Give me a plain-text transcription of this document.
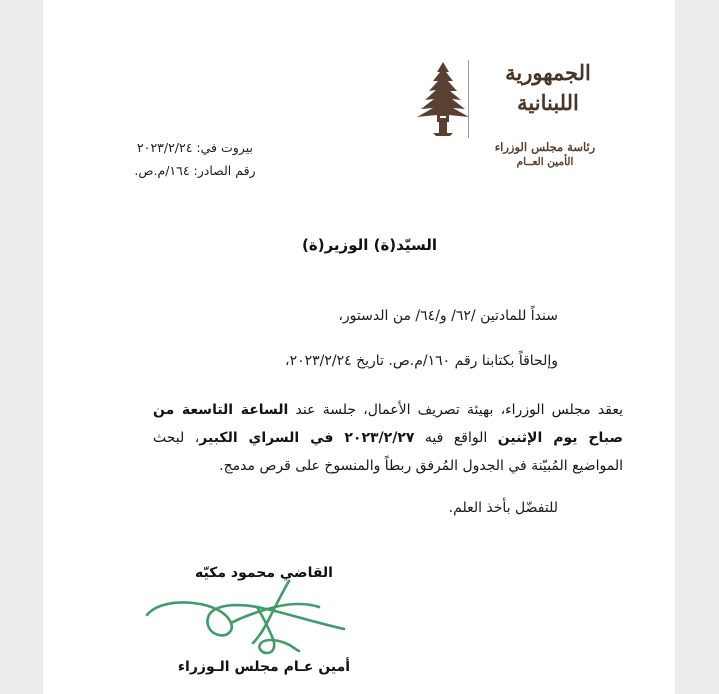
الجمهورية
اللبنانية
رئاسة مجلس الوزراء
الأمين العــام
بيروت في: ٢٠٢٣/٢/٢٤
رقم الصادر: ١٦٤/م.ص.
السيّد(ة) الوزير(ة)
سنداً للمادتين /٦٢/ و/٦٤/ من الدستور،
وإلحاقاً بكتابنا رقم ١٦٠/م.ص. تاريخ ٢٠٢٣/٢/٢٤،
يعقد مجلس الوزراء، بهيئة تصريف الأعمال، جلسة عند الساعة التاسعة من صباح يوم الإثنين الواقع فيه ٢٠٢٣/٢/٢٧ في السراي الكبير، لبحث المواضيع المُبيّنة في الجدول المُرفق ربطاً والمنسوخ على قرص مدمج.
للتفضّل بأخذ العلم.
القاضي محمود مكيّه
أمين عـام مجلس الـوزراء
